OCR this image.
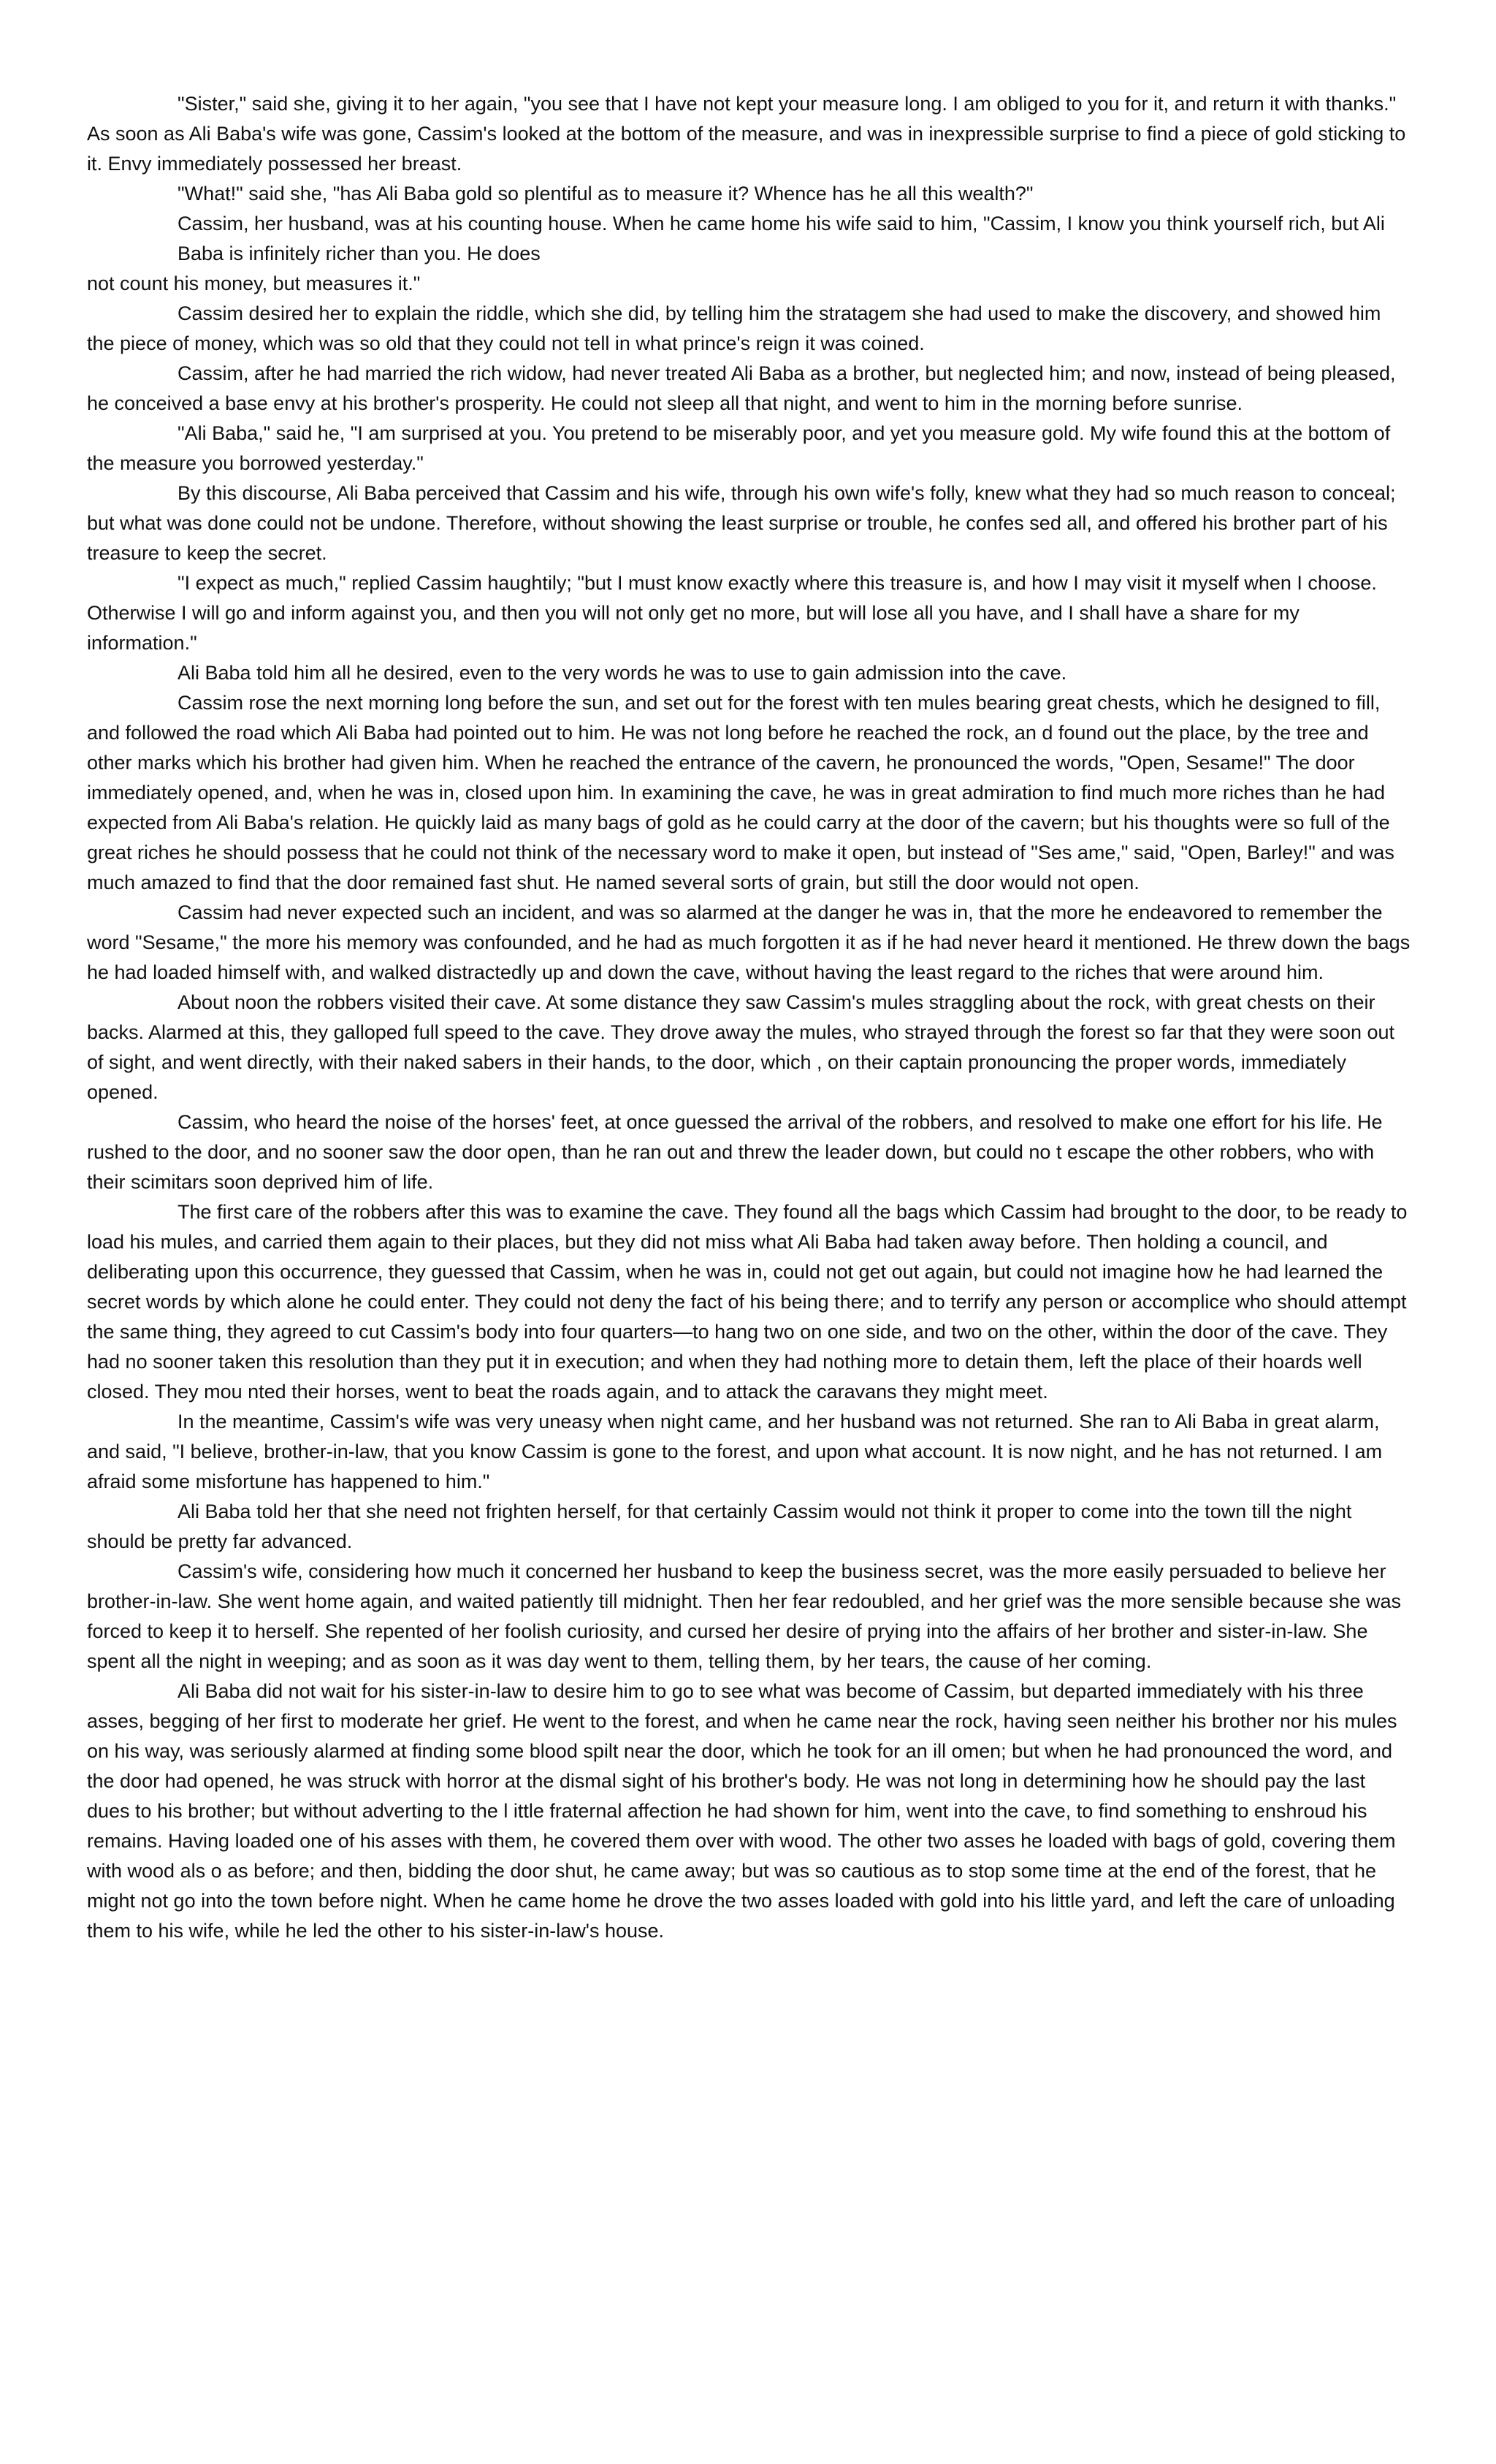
"Sister," said she, giving it to her again, "you see that I have not kept your measure long. I am obliged to you for it, and return it with thanks."

As soon as Ali Baba's wife was gone, Cassim's looked at the bottom of the measure, and was in inexpressible surprise to find a piece of gold sticking to it. Envy immediately possessed her breast.

"What!" said she, "has Ali Baba gold so plentiful as to measure it? Whence has he all this wealth?"

Cassim, her husband, was at his counting house. When he came home his wife said to him, "Cassim, I know you think yourself rich, but Ali Baba is infinitely richer than you. He does

not count his money, but measures it."

Cassim desired her to explain the riddle, which she did, by telling him the stratagem she had used to make the discovery, and showed him the piece of money, which was so old that they could not tell in what prince's reign it was coined.

Cassim, after he had married the rich widow, had never treated Ali Baba as a brother, but neglected him; and now, instead of being pleased, he conceived a base envy at his brother's prosperity. He could not sleep all that night, and went to him in the morning before sunrise.

"Ali Baba," said he, "I am surprised at you. You pretend to be miserably poor, and yet you measure gold. My wife found this at the bottom of the measure you borrowed yesterday."

By this discourse, Ali Baba perceived that Cassim and his wife, through his own wife's folly, knew what they had so much reason to conceal; but what was done could not be undone. Therefore, without showing the least surprise or trouble, he confes sed all, and offered his brother part of his treasure to keep the secret.

"I expect as much," replied Cassim haughtily; "but I must know exactly where this treasure is, and how I may visit it myself when I choose. Otherwise I will go and inform against you, and then you will not only get no more, but will lose all you have, and I shall have a share for my information."

Ali Baba told him all he desired, even to the very words he was to use to gain admission into the cave.

Cassim rose the next morning long before the sun, and set out for the forest with ten mules bearing great chests, which he designed to fill, and followed the road which Ali Baba had pointed out to him. He was not long before he reached the rock, an d found out the place, by the tree and other marks which his brother had given him. When he reached the entrance of the cavern, he pronounced the words, "Open, Sesame!" The door immediately opened, and, when he was in, closed upon him. In examining the cave, he was in great admiration to find much more riches than he had expected from Ali Baba's relation. He quickly laid as many bags of gold as he could carry at the door of the cavern; but his thoughts were so full of the great riches he should possess that he could not think of the necessary word to make it open, but instead of "Ses ame," said, "Open, Barley!" and was much amazed to find that the door remained fast shut. He named several sorts of grain, but still the door would not open.

Cassim had never expected such an incident, and was so alarmed at the danger he was in, that the more he endeavored to remember the word "Sesame," the more his memory was confounded, and he had as much forgotten it as if he had never heard it mentioned. He threw down the bags he had loaded himself with, and walked distractedly up and down the cave, without having the least regard to the riches that were around him.

About noon the robbers visited their cave. At some distance they saw Cassim's mules straggling about the rock, with great chests on their backs. Alarmed at this, they galloped full speed to the cave. They drove away the mules, who strayed through the forest so far that they were soon out of sight, and went directly, with their naked sabers in their hands, to the door, which , on their captain pronouncing the proper words, immediately opened.

Cassim, who heard the noise of the horses' feet, at once guessed the arrival of the robbers, and resolved to make one effort for his life. He rushed to the door, and no sooner saw the door open, than he ran out and threw the leader down, but could no t escape the other robbers, who with their scimitars soon deprived him of life.

The first care of the robbers after this was to examine the cave. They found all the bags which Cassim had brought to the door, to be ready to load his mules, and carried them again to their places, but they did not miss what Ali Baba had taken away before. Then holding a council, and deliberating upon this occurrence, they guessed that Cassim, when he was in, could not get out again, but could not imagine how he had learned the secret words by which alone he could enter. They could not deny the fact of his being there; and to terrify any person or accomplice who should attempt the same thing, they agreed to cut Cassim's body into four quarters—to hang two on one side, and two on the other, within the door of the cave. They had no sooner taken this resolution than they put it in execution; and when they had nothing more to detain them, left the place of their hoards well closed. They mou nted their horses, went to beat the roads again, and to attack the caravans they might meet.

In the meantime, Cassim's wife was very uneasy when night came, and her husband was not returned. She ran to Ali Baba in great alarm, and said, "I believe, brother-in-law, that you know Cassim is gone to the forest, and upon what account. It is now night, and he has not returned. I am afraid some misfortune has happened to him."

Ali Baba told her that she need not frighten herself, for that certainly Cassim would not think it proper to come into the town till the night should be pretty far advanced.

Cassim's wife, considering how much it concerned her husband to keep the business secret, was the more easily persuaded to believe her brother-in-law. She went home again, and waited patiently till midnight. Then her fear redoubled, and her grief was the more sensible because she was forced to keep it to herself. She repented of her foolish curiosity, and cursed her desire of prying into the affairs of her brother and sister-in-law. She spent all the night in weeping; and as soon as it was day went to them, telling them, by her tears, the cause of her coming.

Ali Baba did not wait for his sister-in-law to desire him to go to see what was become of Cassim, but departed immediately with his three asses, begging of her first to moderate her grief. He went to the forest, and when he came near the rock, having seen neither his brother nor his mules on his way, was seriously alarmed at finding some blood spilt near the door, which he took for an ill omen; but when he had pronounced the word, and the door had opened, he was struck with horror at the dismal sight of his brother's body. He was not long in determining how he should pay the last dues to his brother; but without adverting to the l ittle fraternal affection he had shown for him, went into the cave, to find something to enshroud his remains. Having loaded one of his asses with them, he covered them over with wood. The other two asses he loaded with bags of gold, covering them with wood als o as before; and then, bidding the door shut, he came away; but was so cautious as to stop some time at the end of the forest, that he might not go into the town before night. When he came home he drove the two asses loaded with gold into his little yard, and left the care of unloading them to his wife, while he led the other to his sister-in-law's house.
